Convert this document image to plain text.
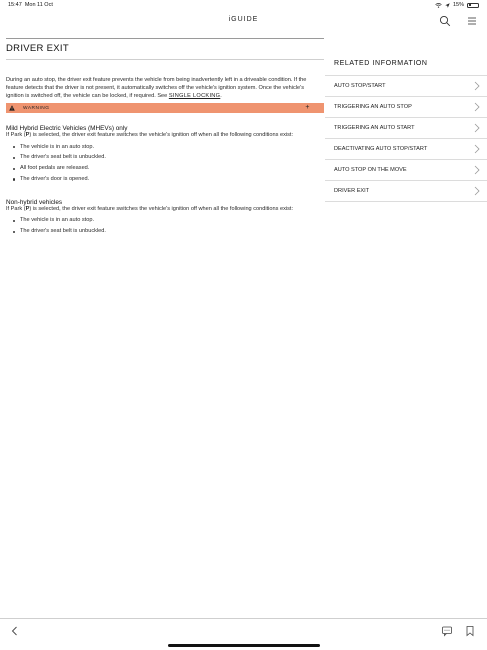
15:47 Mon 11 Oct	15%
iGUIDE
DRIVER EXIT

During an auto stop, the driver exit feature prevents the vehicle from being inadvertently left in a driveable condition. If the feature detects that the driver is not present, it automatically switches off the vehicle's ignition system. Once the vehicle's ignition is switched off, the vehicle can be locked, if required. See SINGLE LOCKING.

WARNING	+
Mild Hybrid Electric Vehicles (MHEVs) only

If Park (P) is selected, the driver exit feature switches the vehicle's ignition off when all the following conditions exist:

The vehicle is in an auto stop.
The driver's seat belt is unbuckled.
All foot pedals are released.
The driver's door is opened.
Non-hybrid vehicles

If Park (P) is selected, the driver exit feature switches the vehicle's ignition off when all the following conditions exist:

The vehicle is in an auto stop.
The driver's seat belt is unbuckled.
RELATED INFORMATION
AUTO STOP/START
TRIGGERING AN AUTO STOP
TRIGGERING AN AUTO START
DEACTIVATING AUTO STOP/START
AUTO STOP ON THE MOVE
DRIVER EXIT
